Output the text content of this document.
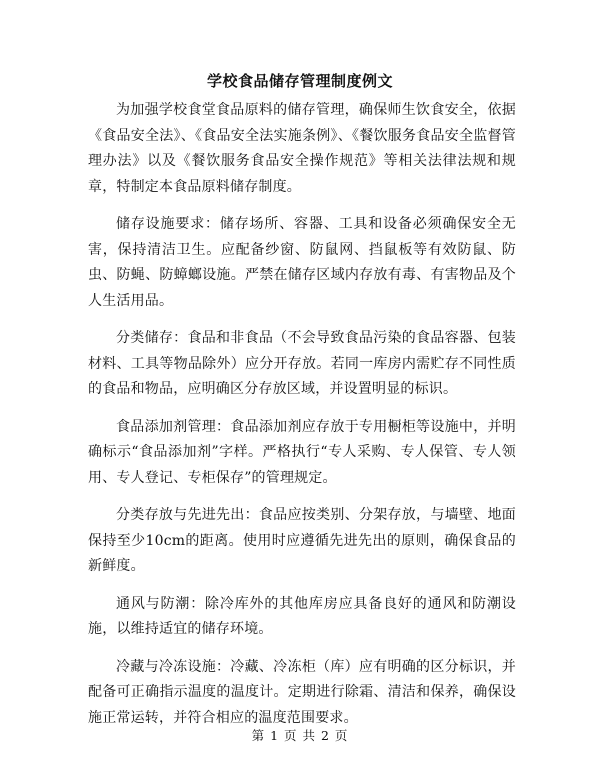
学校食品储存管理制度例文

为加强学校食堂食品原料的储存管理，确保师生饮食安全，依据《食品安全法》、《食品安全法实施条例》、《餐饮服务食品安全监督管理办法》以及《餐饮服务食品安全操作规范》等相关法律法规和规章，特制定本食品原料储存制度。

储存设施要求：储存场所、容器、工具和设备必须确保安全无害，保持清洁卫生。应配备纱窗、防鼠网、挡鼠板等有效防鼠、防虫、防蝇、防蟑螂设施。严禁在储存区域内存放有毒、有害物品及个人生活用品。

分类储存：食品和非食品（不会导致食品污染的食品容器、包装材料、工具等物品除外）应分开存放。若同一库房内需贮存不同性质的食品和物品，应明确区分存放区域，并设置明显的标识。

食品添加剂管理：食品添加剂应存放于专用橱柜等设施中，并明确标示“食品添加剂”字样。严格执行“专人采购、专人保管、专人领用、专人登记、专柜保存”的管理规定。

分类存放与先进先出：食品应按类别、分架存放，与墙壁、地面保持至少10cm的距离。使用时应遵循先进先出的原则，确保食品的新鲜度。

通风与防潮：除冷库外的其他库房应具备良好的通风和防潮设施，以维持适宜的储存环境。

冷藏与冷冻设施：冷藏、冷冻柜（库）应有明确的区分标识，并配备可正确指示温度的温度计。定期进行除霜、清洁和保养，确保设施正常运转，并符合相应的温度范围要求。

第 1 页 共 2 页
